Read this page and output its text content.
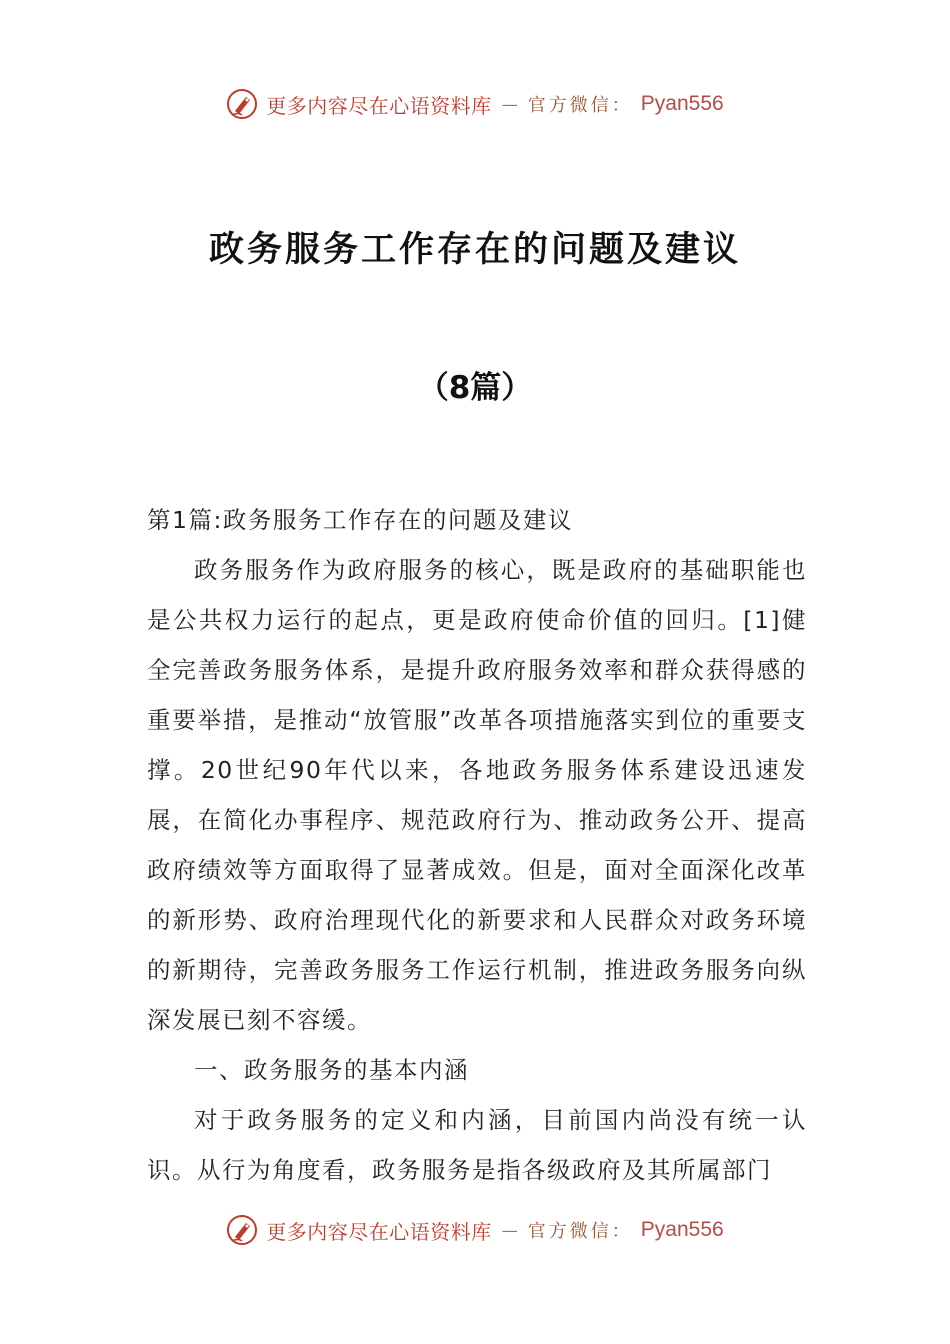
更多内容尽在心语资料库 — 官方微信： Pyan556
政务服务工作存在的问题及建议
（8篇）

第1篇:政务服务工作存在的问题及建议

政务服务作为政府服务的核心，既是政府的基础职能也是公共权力运行的起点，更是政府使命价值的回归。[1]健全完善政务服务体系，是提升政府服务效率和群众获得感的重要举措，是推动“放管服”改革各项措施落实到位的重要支撑。20世纪90年代以来，各地政务服务体系建设迅速发展，在简化办事程序、规范政府行为、推动政务公开、提高政府绩效等方面取得了显著成效。但是，面对全面深化改革的新形势、政府治理现代化的新要求和人民群众对政务环境的新期待，完善政务服务工作运行机制，推进政务服务向纵深发展已刻不容缓。

一、政务服务的基本内涵

对于政务服务的定义和内涵，目前国内尚没有统一认识。从行为角度看，政务服务是指各级政府及其所属部门

更多内容尽在心语资料库 — 官方微信： Pyan556
